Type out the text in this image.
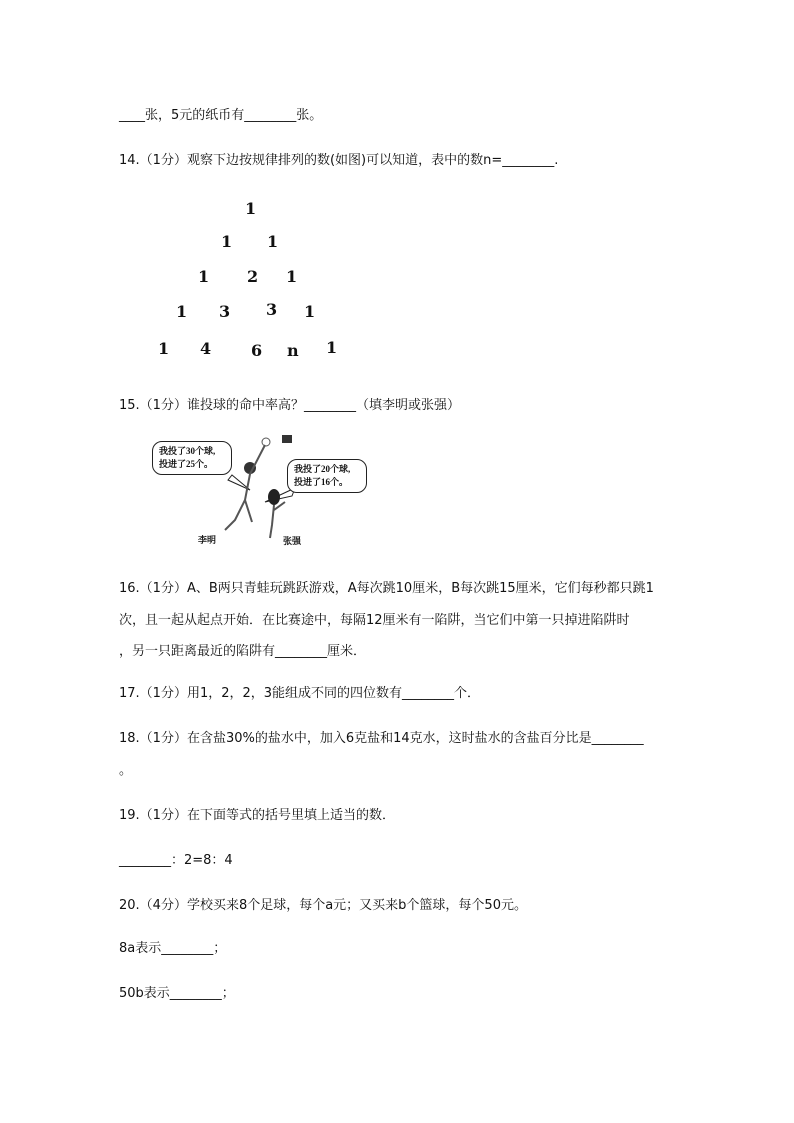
____张，5元的纸币有________张。
14.（1分）观察下边按规律排列的数(如图)可以知道，表中的数n=________.
1
1 1
1 2 1
1 3 3 1
1 4 6 n 1
15.（1分）谁投球的命中率高？________（填李明或张强）
我投了30个球,
投进了25个。	我投了20个球,
投进了16个。
李明	张强
16.（1分）A、B两只青蛙玩跳跃游戏，A每次跳10厘米，B每次跳15厘米，它们每秒都只跳1
次，且一起从起点开始．在比赛途中，每隔12厘米有一陷阱，当它们中第一只掉进陷阱时
，另一只距离最近的陷阱有________厘米．
17.（1分）用1，2，2，3能组成不同的四位数有________个．
18.（1分）在含盐30%的盐水中，加入6克盐和14克水，这时盐水的含盐百分比是________
。
19.（1分）在下面等式的括号里填上适当的数．
________：2=8：4
20.（4分）学校买来8个足球，每个a元；又买来b个篮球，每个50元。
8a表示________；
50b表示________；
